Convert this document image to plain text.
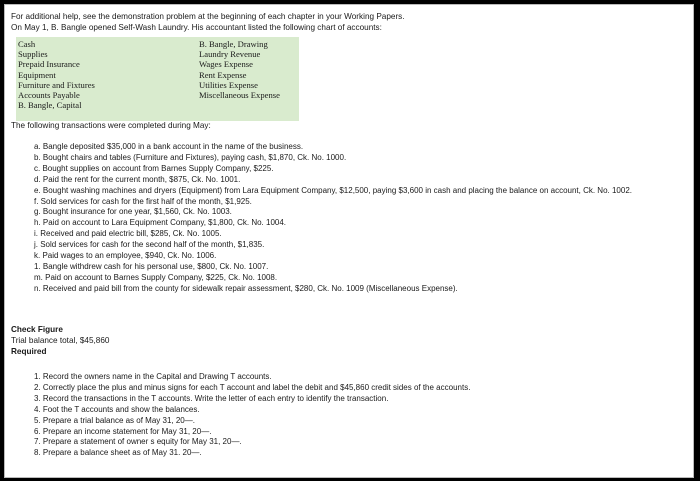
For additional help, see the demonstration problem at the beginning of each chapter in your Working Papers.
On May 1, B. Bangle opened Self-Wash Laundry. His accountant listed the following chart of accounts:
Cash
Supplies
Prepaid Insurance
Equipment
Furniture and Fixtures
Accounts Payable
B. Bangle, Capital
B. Bangle, Drawing
Laundry Revenue
Wages Expense
Rent Expense
Utilities Expense
Miscellaneous Expense
The following transactions were completed during May:
a. Bangle deposited $35,000 in a bank account in the name of the business.
b. Bought chairs and tables (Furniture and Fixtures), paying cash, $1,870, Ck. No. 1000.
c. Bought supplies on account from Barnes Supply Company, $225.
d. Paid the rent for the current month, $875, Ck. No. 1001.
e. Bought washing machines and dryers (Equipment) from Lara Equipment Company, $12,500, paying $3,600 in cash and placing the balance on account, Ck. No. 1002.
f. Sold services for cash for the first half of the month, $1,925.
g. Bought insurance for one year, $1,560, Ck. No. 1003.
h. Paid on account to Lara Equipment Company, $1,800, Ck. No. 1004.
i. Received and paid electric bill, $285, Ck. No. 1005.
j. Sold services for cash for the second half of the month, $1,835.
k. Paid wages to an employee, $940, Ck. No. 1006.
1. Bangle withdrew cash for his personal use, $800, Ck. No. 1007.
m. Paid on account to Barnes Supply Company, $225, Ck. No. 1008.
n. Received and paid bill from the county for sidewalk repair assessment, $280, Ck. No. 1009 (Miscellaneous Expense).
Check Figure
Trial balance total, $45,860
Required
1. Record the owners name in the Capital and Drawing T accounts.
2. Correctly place the plus and minus signs for each T account and label the debit and $45,860 credit sides of the accounts.
3. Record the transactions in the T accounts. Write the letter of each entry to identify the transaction.
4. Foot the T accounts and show the balances.
5. Prepare a trial balance as of May 31, 20—.
6. Prepare an income statement for May 31, 20—.
7. Prepare a statement of owner s equity for May 31, 20—.
8. Prepare a balance sheet as of May 31. 20—.
